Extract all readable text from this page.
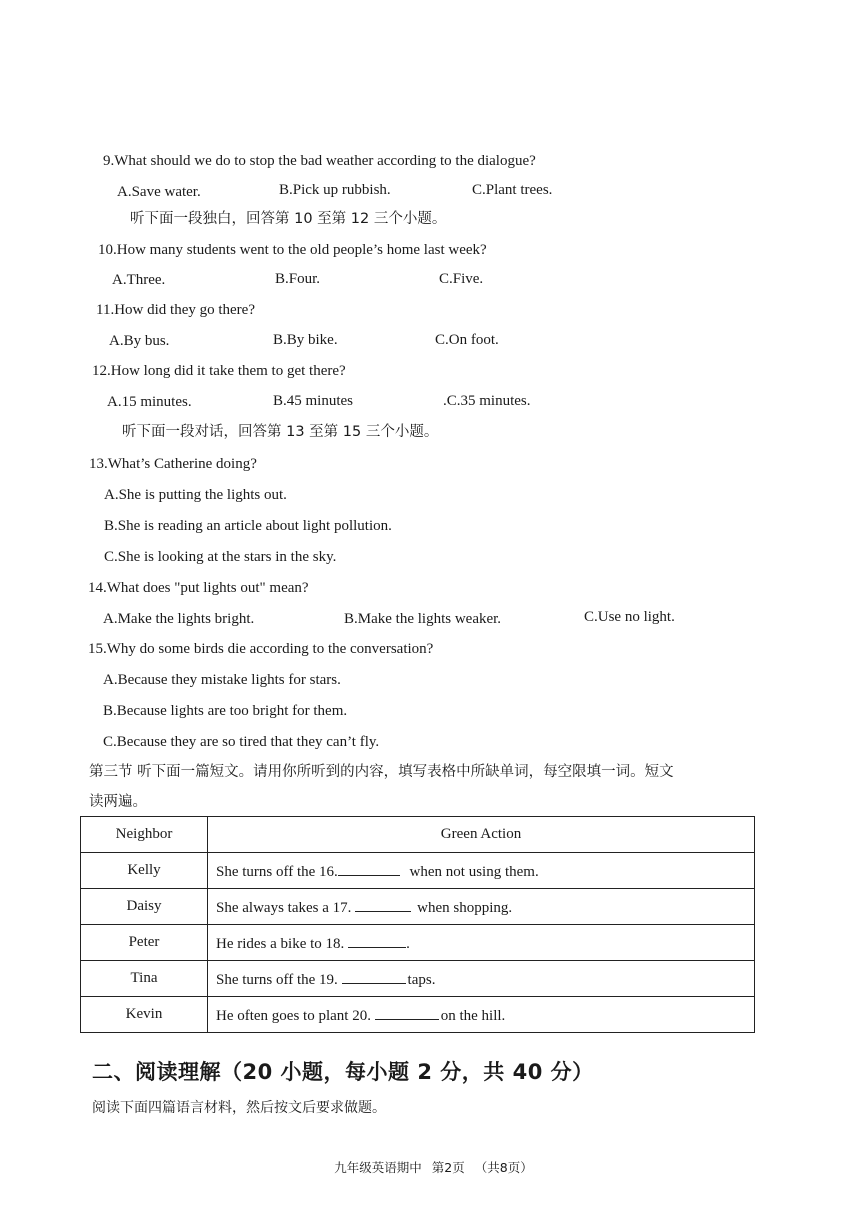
9.What should we do to stop the bad weather according to the dialogue?
A.Save water.	B.Pick up rubbish.	C.Plant trees.
听下面一段独白，回答第 10 至第 12 三个小题。
10.How many students went to the old people’s home last week?
A.Three.	B.Four.	C.Five.
11.How did they go there?
A.By bus.	B.By bike.	C.On foot.
12.How long did it take them to get there?
A.15 minutes.	B.45 minutes	.C.35 minutes.
听下面一段对话，回答第 13 至第 15 三个小题。
13.What’s Catherine doing?
A.She is putting the lights out.
B.She is reading an article about light pollution.
C.She is looking at the stars in the sky.
14.What does "put lights out" mean?
A.Make the lights bright.	B.Make the lights weaker.	C.Use no light.
15.Why do some birds die according to the conversation?
A.Because they mistake lights for stars.
B.Because lights are too bright for them.
C.Because they are so tired that they can’t fly.
第三节 听下面一篇短文。请用你所听到的内容，填写表格中所缺单词，每空限填一词。短文
读两遍。
Neighbor	Green Action
Kelly	She turns off the 16. when not using them.
Daisy	She always takes a 17. when shopping.
Peter	He rides a bike to 18. .
Tina	She turns off the 19. taps.
Kevin	He often goes to plant 20. on the hill.
二、阅读理解（20 小题，每小题 2 分，共 40 分）
阅读下面四篇语言材料，然后按文后要求做题。
九年级英语期中 第2页 （共8页）
